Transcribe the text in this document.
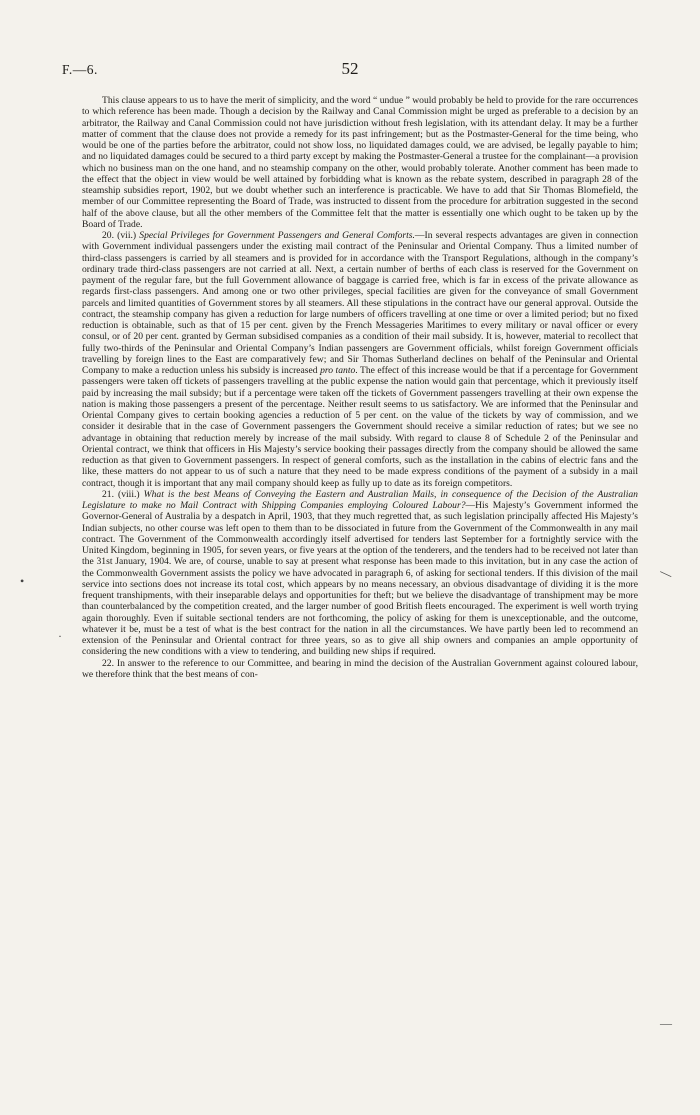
F.—6.	52

This clause appears to us to have the merit of simplicity, and the word “ undue ” would probably be held to provide for the rare occurrences to which reference has been made. Though a decision by the Railway and Canal Commission might be urged as preferable to a decision by an arbitrator, the Railway and Canal Commission could not have jurisdiction without fresh legislation, with its attendant delay. It may be a further matter of comment that the clause does not provide a remedy for its past infringement; but as the Postmaster-General for the time being, who would be one of the parties before the arbitrator, could not show loss, no liquidated damages could, we are advised, be legally payable to him; and no liquidated damages could be secured to a third party except by making the Postmaster-General a trustee for the complainant—a provision which no business man on the one hand, and no steamship company on the other, would probably tolerate. Another comment has been made to the effect that the object in view would be well attained by forbidding what is known as the rebate system, described in paragraph 28 of the steamship subsidies report, 1902, but we doubt whether such an interference is practicable. We have to add that Sir Thomas Blomefield, the member of our Committee representing the Board of Trade, was instructed to dissent from the procedure for arbitration suggested in the second half of the above clause, but all the other members of the Committee felt that the matter is essentially one which ought to be taken up by the Board of Trade.

20. (vii.) Special Privileges for Government Passengers and General Comforts.—In several respects advantages are given in connection with Government individual passengers under the existing mail contract of the Peninsular and Oriental Company. Thus a limited number of third-class passengers is carried by all steamers and is provided for in accordance with the Transport Regulations, although in the company’s ordinary trade third-class passengers are not carried at all. Next, a certain number of berths of each class is reserved for the Government on payment of the regular fare, but the full Government allowance of baggage is carried free, which is far in excess of the private allowance as regards first-class passengers. And among one or two other privileges, special facilities are given for the conveyance of small Government parcels and limited quantities of Government stores by all steamers. All these stipulations in the contract have our general approval. Outside the contract, the steamship company has given a reduction for large numbers of officers travelling at one time or over a limited period; but no fixed reduction is obtainable, such as that of 15 per cent. given by the French Messageries Maritimes to every military or naval officer or every consul, or of 20 per cent. granted by German subsidised companies as a condition of their mail subsidy. It is, however, material to recollect that fully two-thirds of the Peninsular and Oriental Company’s Indian passengers are Government officials, whilst foreign Government officials travelling by foreign lines to the East are comparatively few; and Sir Thomas Sutherland declines on behalf of the Peninsular and Oriental Company to make a reduction unless his subsidy is increased pro tanto. The effect of this increase would be that if a percentage for Government passengers were taken off tickets of passengers travelling at the public expense the nation would gain that percentage, which it previously itself paid by increasing the mail subsidy; but if a percentage were taken off the tickets of Government passengers travelling at their own expense the nation is making those passengers a present of the percentage. Neither result seems to us satisfactory. We are informed that the Peninsular and Oriental Company gives to certain booking agencies a reduction of 5 per cent. on the value of the tickets by way of commission, and we consider it desirable that in the case of Government passengers the Government should receive a similar reduction of rates; but we see no advantage in obtaining that reduction merely by increase of the mail subsidy. With regard to clause 8 of Schedule 2 of the Peninsular and Oriental contract, we think that officers in His Majesty’s service booking their passages directly from the company should be allowed the same reduction as that given to Government passengers. In respect of general comforts, such as the installation in the cabins of electric fans and the like, these matters do not appear to us of such a nature that they need to be made express conditions of the payment of a subsidy in a mail contract, though it is important that any mail company should keep as fully up to date as its foreign competitors.

21. (viii.) What is the best Means of Conveying the Eastern and Australian Mails, in consequence of the Decision of the Australian Legislature to make no Mail Contract with Shipping Companies employing Coloured Labour?—His Majesty’s Government informed the Governor-General of Australia by a despatch in April, 1903, that they much regretted that, as such legislation principally affected His Majesty’s Indian subjects, no other course was left open to them than to be dissociated in future from the Government of the Commonwealth in any mail contract. The Government of the Commonwealth accordingly itself advertised for tenders last September for a fortnightly service with the United Kingdom, beginning in 1905, for seven years, or five years at the option of the tenderers, and the tenders had to be received not later than the 31st January, 1904. We are, of course, unable to say at present what response has been made to this invitation, but in any case the action of the Commonwealth Government assists the policy we have advocated in paragraph 6, of asking for sectional tenders. If this division of the mail service into sections does not increase its total cost, which appears by no means necessary, an obvious disadvantage of dividing it is the more frequent transhipments, with their inseparable delays and opportunities for theft; but we believe the disadvantage of transhipment may be more than counterbalanced by the competition created, and the larger number of good British fleets encouraged. The experiment is well worth trying again thoroughly. Even if suitable sectional tenders are not forthcoming, the policy of asking for them is unexceptionable, and the outcome, whatever it be, must be a test of what is the best contract for the nation in all the circumstances. We have partly been led to recommend an extension of the Peninsular and Oriental contract for three years, so as to give all ship owners and companies an ample opportunity of considering the new conditions with a view to tendering, and building new ships if required.

22. In answer to the reference to our Committee, and bearing in mind the decision of the Australian Government against coloured labour, we therefore think that the best means of con-

•
·
—
—
